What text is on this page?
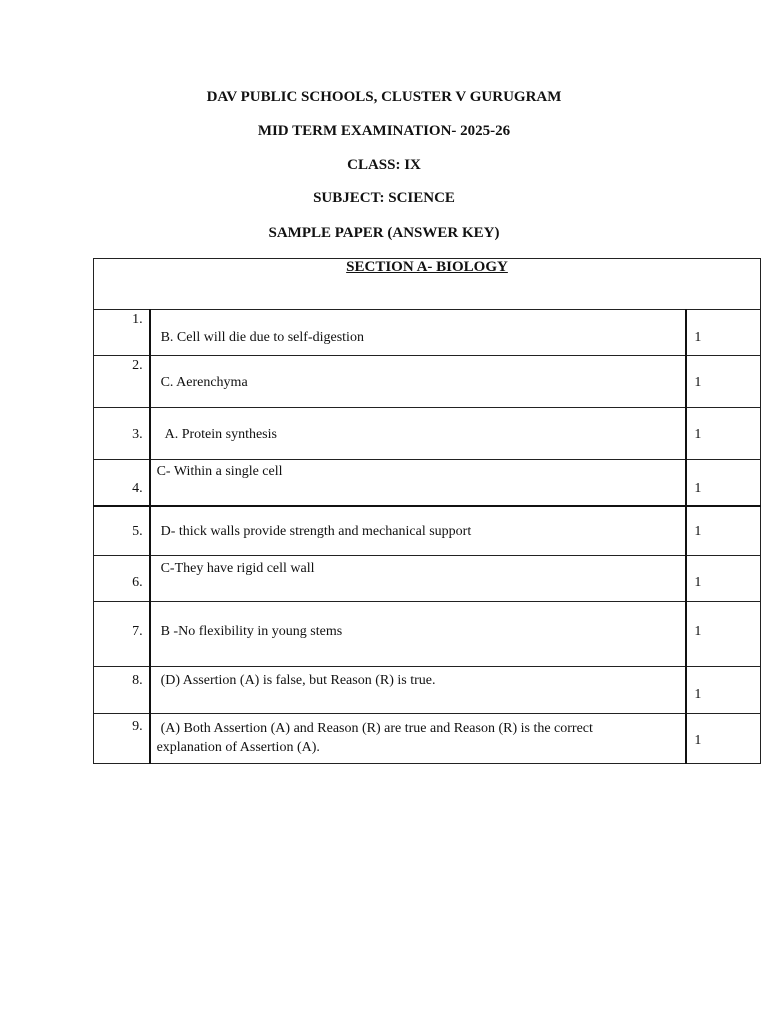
DAV PUBLIC SCHOOLS, CLUSTER V GURUGRAM
MID TERM EXAMINATION- 2025-26
CLASS: IX
SUBJECT: SCIENCE
SAMPLE PAPER (ANSWER KEY)
SECTION A- BIOLOGY		
1.	B. Cell will die due to self-digestion	1
2.	C. Aerenchyma	1
3.	A. Protein synthesis	1
4.	C- Within a single cell	1
5.	D- thick walls provide strength and mechanical support	1
6.	C-They have rigid cell wall	1
7.	B -No flexibility in young stems	1
8.	(D) Assertion (A) is false, but Reason (R) is true.	1
9.	(A) Both Assertion (A) and Reason (R) are true and Reason (R) is the correct
explanation of Assertion (A).	1
